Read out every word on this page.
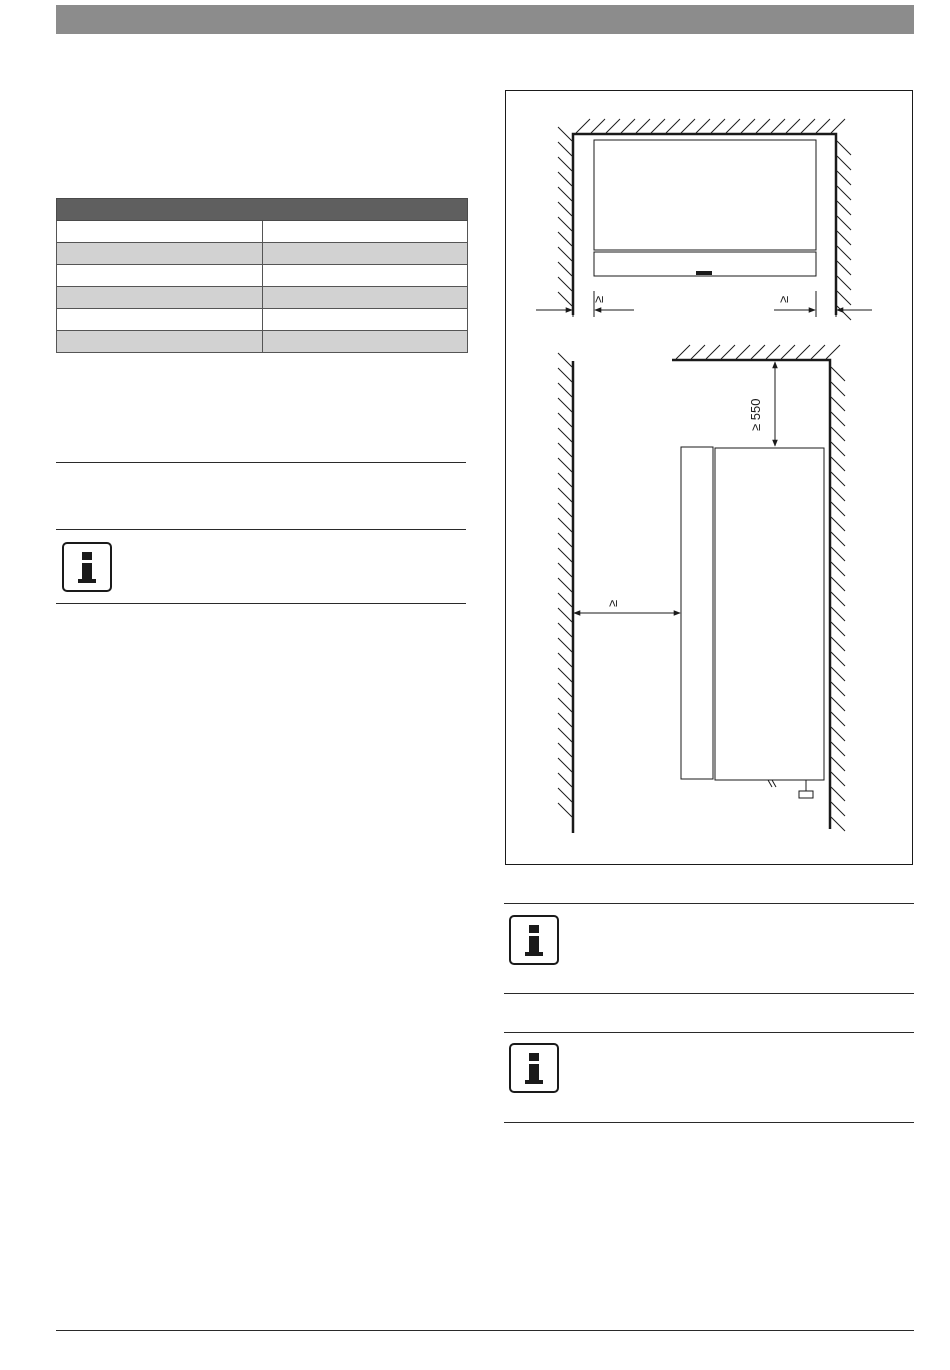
≥	≥
≥ 550
≥
